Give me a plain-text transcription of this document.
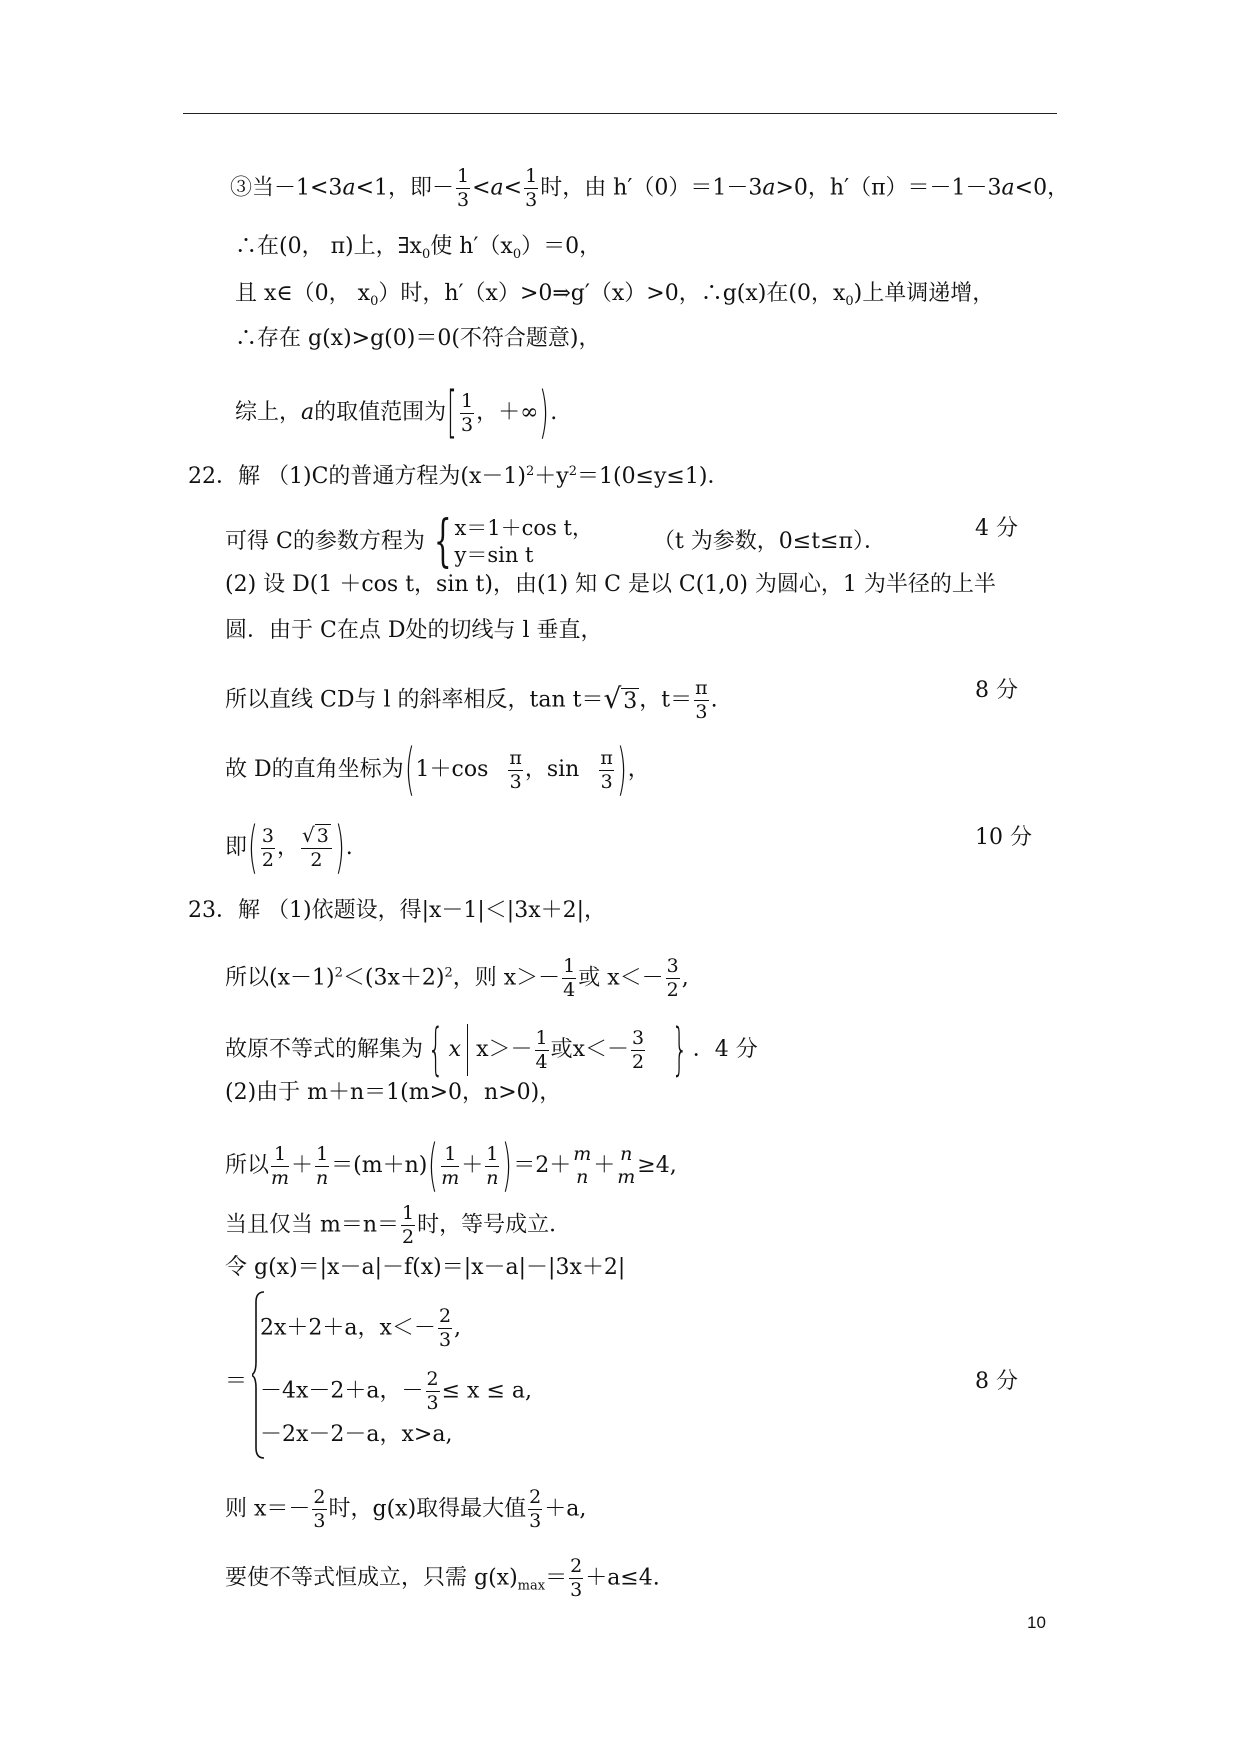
③当－1<3a<1，即－ $\frac{1}{3} <a< \frac{1}{3}$ 时，由 h′（0）＝1－3a>0，h′（π）＝－1－3a<0，
∴在(0， π)上，$\exists x_0$使 $h'(x_0)=0$，
且 x∈（0， $x_0$）时，h′（x）>0⇒g′（x）>0，∴g(x)在(0，$x_0$)上单调递增，
∴存在 g(x)>g(0)＝0(不符合题意)，
综上，a的取值范围为[ $\frac{1}{3}$ ，＋∞).
22．解 （1)C的普通方程为$(x-1)^2+y^2=1(0\le y\le 1)$．
可得 C的参数方程为 { x＝1＋cos t，
y＝sin t
（t 为参数，0≤t≤π）．
4 分
(2) 设 D(1 ＋cos t，sin t)，由(1) 知 C 是以 C(1,0) 为圆心，1 为半径的上半
圆．由于 C在点 D处的切线与 l 垂直，
所以直线 CD与 l 的斜率相反，tan t＝√3，$t= \frac{\pi}{3}$ .	8 分
故 D的直角坐标为($1+\cos \frac{\pi}{3}$ ，$\sin \frac{\pi}{3}$ )，
即( $\frac{3}{2}$ ， $\frac{√ 3}{2}$ ).	10 分
23．解 （1)依题设，得|x－1|＜|3x＋2|，
所以$(x-1)^2<(3x+2)^2$，则 $x>- \frac{1}{4}$ 或 $x<- \frac{3}{2}$ ,
故原不等式的解集为{ x $x>- \frac{1}{4}$ 或$x<- \frac{3}{2}$ } ．4 分
(2)由于 m＋n＝1(m>0，n>0)，
所以 $\frac{1}{m}+ \frac{1}{n}=(m+n)( \frac{1}{m}+ \frac{1}{n})=2+ m$
n ＋ n
m≥4,
当且仅当 $m=n= \frac{1}{2}$ 时，等号成立．
令 g(x)＝|x－a|－f(x)＝|x－a|－|3x＋2|
＝
2x＋2＋a，$x<- \frac{2}{3}$ ,
－4x－2＋a，－ $\frac{2}{3} \le x \le a$,
－2x－2－a，x>a,
8 分
则 $x=- \frac{2}{3}$ 时，g(x)取得最大值 $\frac{2}{3} +a$,
要使不等式恒成立，只需 $g(x)_{max}= \frac{2}{3} +a\le 4$.
10
